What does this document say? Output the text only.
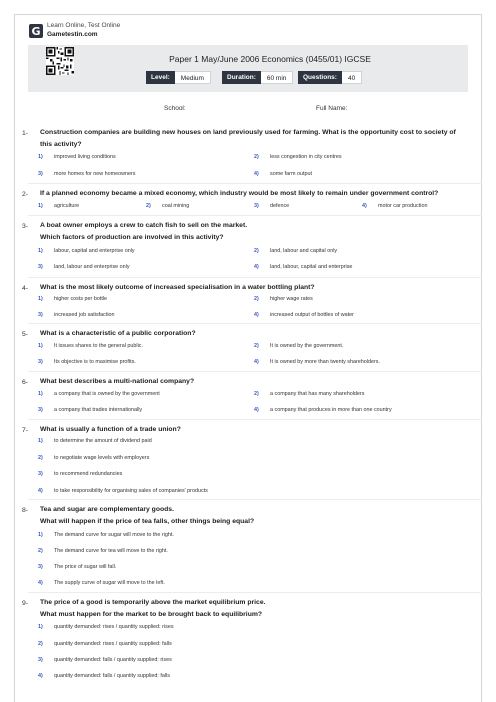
G Learn Online, Test Online
Gametestin.com
Paper 1 May/June 2006 Economics (0455/01) IGCSE
Level:	Medium	Duration:	60 min	Questions:	40
School:	Full Name:
1- Construction companies are building new houses on land previously used for farming. What is the opportunity cost to society of
this activity?
1) improved living conditions	2) less congestion in city centres
3) more homes for new homeowners	4) some farm output
2- If a planned economy became a mixed economy, which industry would be most likely to remain under government control?
1) agriculture	2) coal mining	3) defence	4) motor car production
3- A boat owner employs a crew to catch fish to sell on the market.
Which factors of production are involved in this activity?
1) labour, capital and enterprise only	2) land, labour and capital only
3) land, labour and enterprise only	4) land, labour, capital and enterprise
4- What is the most likely outcome of increased specialisation in a water bottling plant?
1) higher costs per bottle	2) higher wage rates
3) increased job satisfaction	4) increased output of bottles of water
5- What is a characteristic of a public corporation?
1) It issues shares to the general public.	2) It is owned by the government.
3) Its objective is to maximise profits.	4) It is owned by more than twenty shareholders.
6- What best describes a multi-national company?
1) a company that is owned by the government	2) a company that has many shareholders
3) a company that trades internationally	4) a company that produces in more than one country
7- What is usually a function of a trade union?
1) to determine the amount of dividend paid
2) to negotiate wage levels with employers
3) to recommend redundancies
4) to take responsibility for organising sales of companies' products
8- Tea and sugar are complementary goods.
What will happen if the price of tea falls, other things being equal?
1) The demand curve for sugar will move to the right.
2) The demand curve for tea will move to the right.
3) The price of sugar will fall.
4) The supply curve of sugar will move to the left.
9- The price of a good is temporarily above the market equilibrium price.
What must happen for the market to be brought back to equilibrium?
1) quantity demanded: rises / quantity supplied: rises
2) quantity demanded: rises / quantity supplied: falls
3) quantity demanded: falls / quantity supplied: rises
4) quantity demanded: falls / quantity supplied: falls
